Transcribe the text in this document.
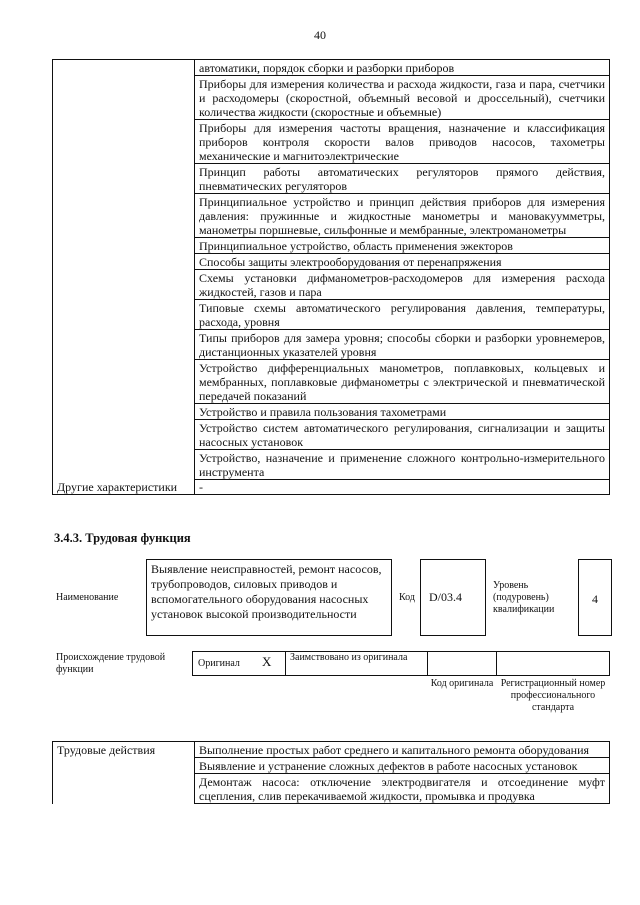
40
	автоматики, порядок сборки и разборки приборов
	Приборы для измерения количества и расхода жидкости, газа и пара, счетчики и расходомеры (скоростной, объемный весовой и дроссельный), счетчики количества жидкости (скоростные и объемные)
	Приборы для измерения частоты вращения, назначение и классификация приборов контроля скорости валов приводов насосов, тахометры механические и магнитоэлектрические
	Принцип работы автоматических регуляторов прямого действия, пневматических регуляторов
	Принципиальное устройство и принцип действия приборов для измерения давления: пружинные и жидкостные манометры и мановакуумметры, манометры поршневые, сильфонные и мембранные, электроманометры
	Принципиальное устройство, область применения эжекторов
	Способы защиты электрооборудования от перенапряжения
	Схемы установки дифманометров-расходомеров для измерения расхода жидкостей, газов и пара
	Типовые схемы автоматического регулирования давления, температуры, расхода, уровня
	Типы приборов для замера уровня; способы сборки и разборки уровнемеров, дистанционных указателей уровня
	Устройство дифференциальных манометров, поплавковых, кольцевых и мембранных, поплавковые дифманометры с электрической и пневматической передачей показаний
	Устройство и правила пользования тахометрами
	Устройство систем автоматического регулирования, сигнализации и защиты насосных установок
	Устройство, назначение и применение сложного контрольно-измерительного инструмента
Другие характеристики	-
3.4.3. Трудовая функция
Наименование
Выявление неисправностей, ремонт насосов, трубопроводов, силовых приводов и вспомогательного оборудования насосных установок высокой производительности
Код	D/03.4
Уровень (подуровень) квалификации
4
Происхождение трудовой функции
Оригинал X Заимствовано из оригинала
Код оригинала Регистрационный номер профессионального стандарта
Трудовые действия	Выполнение простых работ среднего и капитального ремонта оборудования
	Выявление и устранение сложных дефектов в работе насосных установок
	Демонтаж насоса: отключение электродвигателя и отсоединение муфт сцепления, слив перекачиваемой жидкости, промывка и продувка
